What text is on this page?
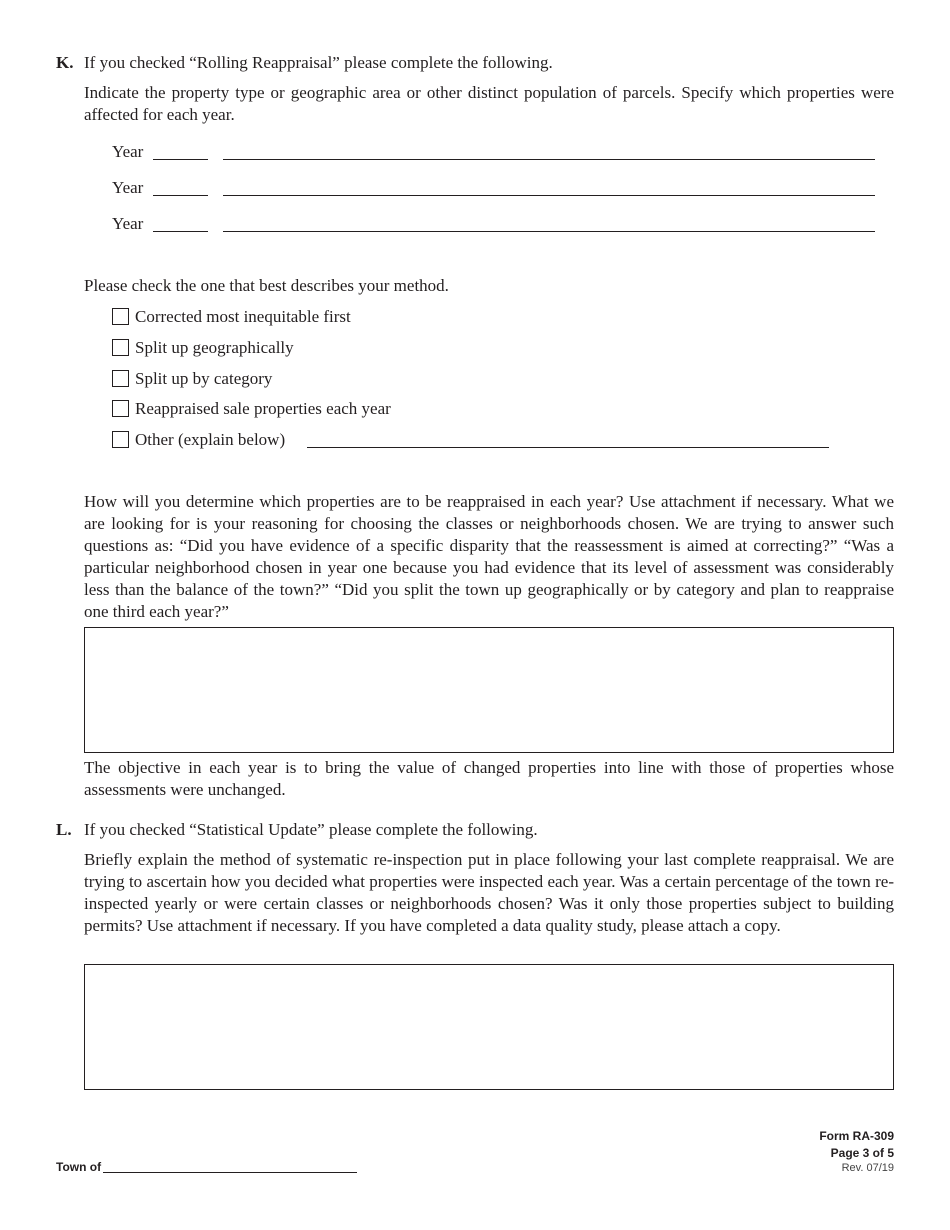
K. If you checked “Rolling Reappraisal” please complete the following.
Indicate the property type or geographic area or other distinct population of parcels. Specify which properties were affected for each year.
Year
Year
Year
Please check the one that best describes your method.
Corrected most inequitable first
Split up geographically
Split up by category
Reappraised sale properties each year
Other (explain below)
How will you determine which properties are to be reappraised in each year? Use attachment if necessary. What we are looking for is your reasoning for choosing the classes or neighborhoods chosen. We are trying to answer such questions as: “Did you have evidence of a specific disparity that the reassessment is aimed at correcting?” “Was a particular neighborhood chosen in year one because you had evidence that its level of assessment was considerably less than the balance of the town?” “Did you split the town up geographically or by category and plan to reappraise one third each year?”
The objective in each year is to bring the value of changed properties into line with those of properties whose assessments were unchanged.
L. If you checked “Statistical Update” please complete the following.
Briefly explain the method of systematic re-inspection put in place following your last complete reappraisal. We are trying to ascertain how you decided what properties were inspected each year. Was a certain percentage of the town re-inspected yearly or were certain classes or neighborhoods chosen? Was it only those properties subject to building permits? Use attachment if necessary. If you have completed a data quality study, please attach a copy.
Town of
Form RA-309
Page 3 of 5
Rev. 07/19
